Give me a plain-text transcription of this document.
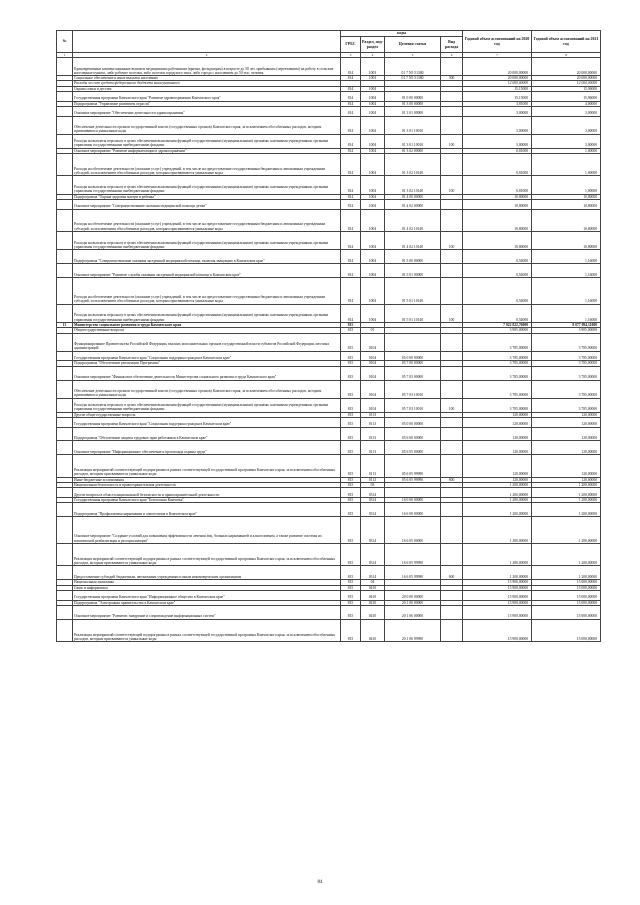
№		коды				Годовой объем ассигнований на 2020 год	Годовой объем ассигнований на 2021 год
		ГРБС	Раздел, под-раздел	Целевая статья	Вид расхода		
1	2	3	4	5	6	7	8
	Единовременные компенсационные выплаты медицинским работникам (врачам, фельдшерам) в возрасте до 50 лет, прибывшим (переехавшим) на работу в сельские населенные пункты, либо рабочие поселки, либо поселки городского типа, либо города с населением до 50 тыс. человек	814	1003	01 7 N5 51380		20 000,00000	20 000,00000
	Социальное обеспечение и иные выплаты населению	814	1003	01 7 N5 51380	300	20 000,00000	20 000,00000
	Расходы за счет средств федерального бюджета вышеуказанного					12 000,00000	12 000,00000
	Охрана семьи и детства	814	1004			15,15000	15,96000
	Государственная программа Камчатского края "Развитие здравоохранения Камчатского края"	814	1004	01 0 00 00000		15,15000	15,96000
	Подпрограмма "Управление развитием отрасли"	814	1004	01 3 00 00000		3,81000	4,00000
	Основное мероприятие "Обеспечение деятельности здравоохранения"	814	1004	01 3 01 00000		3,00000	3,00000
	Обеспечение деятельности органов государственной власти (государственных органов) Камчатского края, за исключением обособленных расходов, которым присваиваются уникальные коды	814	1004	01 3 01 10010		3,00000	3,00000
	Расходы на выплаты персоналу в целях обеспечения выполнения функций государственными (муниципальными) органами, казенными учреждениями, органами управления государственными внебюджетными фондами	814	1004	01 3 01 10010	100	3,00000	3,00000
	Основное мероприятие "Развитие информатизации в здравоохранении"	814	1004	01 3 02 00000		0,81000	1,00000
	Расходы на обеспечение деятельности (оказание услуг) учреждений, в том числе на предоставление государственным бюджетным и автономным учреждениям субсидий, за исключением обособленных расходов, которым присваиваются уникальные коды	814	1004	01 3 02 10140		0,81000	1,00000
	Расходы на выплаты персоналу в целях обеспечения выполнения функций государственными (муниципальными) органами, казенными учреждениями, органами управления государственными внебюджетными фондами	814	1004	01 3 02 10140	100	0,81000	1,00000
	Подпрограмма "Охрана здоровья матери и ребенка"	814	1004	01 4 00 00000		10,80000	10,80000
	Основное мероприятие "Совершенствование оказания медицинской помощи детям"	814	1004	01 4 02 00000		10,80000	10,80000
	Расходы на обеспечение деятельности (оказание услуг) учреждений, в том числе на предоставление государственным бюджетным и автономным учреждениям субсидий, за исключением обособленных расходов, которым присваиваются уникальные коды	814	1004	01 4 02 10140		10,80000	10,80000
	Расходы на выплаты персоналу в целях обеспечения выполнения функций государственными (муниципальными) органами, казенными учреждениями, органами управления государственными внебюджетными фондами	814	1004	01 4 02 10140	100	10,80000	10,80000
	Подпрограмма "Совершенствование оказания экстренной медицинской помощи, включая эвакуацию в Камчатском крае"	814	1004	01 5 00 00000		0,54000	1,16000
	Основное мероприятие "Развитие службы оказания экстренной медицинской помощи в Камчатском крае"	814	1004	01 5 01 00000		0,54000	1,16000
	Расходы на обеспечение деятельности (оказание услуг) учреждений, в том числе на предоставление государственным бюджетным и автономным учреждениям субсидий, за исключением обособленных расходов, которым присваиваются уникальные коды	814	1004	01 5 01 10140		0,54000	1,16000
	Расходы на выплаты персоналу в целях обеспечения выполнения функций государственными (муниципальными) органами, казенными учреждениями, органами управления государственными внебюджетными фондами	814	1004	01 5 01 10140	100	0,54000	1,16000
13	Министерство социального развития и труда Камчатского края	815				7 922 822,76000	8 077 094,11000
	Общегосударственные вопросы	815	01			3 905,00000	3 905,00000
	Функционирование Правительства Российской Федерации, высших исполнительных органов государственной власти субъектов Российской Федерации, местных администраций	815	0104			3 785,00000	3 785,00000
	Государственная программа Камчатского края "Социальная поддержка граждан в Камчатском крае"	815	0104	05 0 00 00000		3 785,00000	3 785,00000
	Подпрограмма "Обеспечение реализации Программы"	815	0104	05 7 00 00000		3 785,00000	3 785,00000
	Основное мероприятие "Финансовое обеспечение деятельности Министерства социального развития и труда Камчатского края"	815	0104	05 7 03 00000		3 785,00000	3 785,00000
	Обеспечение деятельности органов государственной власти (государственных органов) Камчатского края, за исключением обособленных расходов, которым присваиваются уникальные коды	815	0104	05 7 03 10010		3 785,00000	3 785,00000
	Расходы на выплаты персоналу в целях обеспечения выполнения функций государственными (муниципальными) органами, казенными учреждениями, органами управления государственными внебюджетными фондами	815	0104	05 7 03 10010	100	3 785,00000	3 785,00000
	Другие общегосударственные вопросы	815	0113			120,00000	120,00000
	Государственная программа Камчатского края "Социальная поддержка граждан в Камчатском крае"	815	0113	05 0 00 00000		120,00000	120,00000
	Подпрограмма "Обеспечение защиты трудовых прав работников в Камчатском крае"	815	0113	05 6 00 00000		120,00000	120,00000
	Основное мероприятие "Информационное обеспечение и пропаганда охраны труда"	815	0113	05 6 05 00000		120,00000	120,00000
	Реализация мероприятий соответствующей подпрограммы в рамках соответствующей государственной программы Камчатского края, за исключением обособленных расходов, которым присваиваются уникальные коды	815	0113	05 6 05 99990		120,00000	120,00000
	Иные бюджетные ассигнования	815	0113	05 6 05 99990	800	120,00000	120,00000
	Национальная безопасность и правоохранительная деятельность	815	03			1 200,00000	1 200,00000
	Другие вопросы в области национальной безопасности и правоохранительной деятельности	815	0314			1 200,00000	1 200,00000
	Государственная программа Камчатского края "Безопасная Камчатка"	815	0314	16 0 00 00000		1 200,00000	1 200,00000
	Подпрограмма "Профилактика наркомании и алкоголизма в Камчатском крае"	815	0314	16 6 00 00000		1 200,00000	1 200,00000
	Основное мероприятие "Создание условий для повышения эффективности лечения лиц, больных наркоманией и алкоголизмом, а также развитие системы их комплексной реабилитации и ресоциализации"	815	0314	16 6 05 00000		1 200,00000	1 200,00000
	Реализация мероприятий соответствующей подпрограммы в рамках соответствующей государственной программы Камчатского края, за исключением обособленных расходов, которым присваиваются уникальные коды	815	0314	16 6 05 99990		1 200,00000	1 200,00000
	Предоставление субсидий бюджетным, автономным учреждениям и иным некоммерческим организациям	815	0314	16 6 05 99990	600	1 200,00000	1 200,00000
	Национальная экономика	815	04			15 900,00000	15 000,00000
	Связь и информатика	815	0410			15 900,00000	15 000,00000
	Государственная программа Камчатского края "Информационное общество в Камчатском крае"	815	0410	20 0 00 00000		15 900,00000	15 000,00000
	Подпрограмма "Электронная правительство в Камчатском крае"	815	0410	20 1 00 00000		15 900,00000	15 000,00000
	Основное мероприятие "Развитие, внедрение и сопровождение информационных систем"	815	0410	20 1 06 00000		15 900,00000	15 000,00000
	Реализация мероприятий соответствующей подпрограммы в рамках соответствующей государственной программы Камчатского края, за исключением обособленных расходов, которым присваиваются уникальные коды	815	0410	20 1 06 99990		15 900,00000	15 000,00000
84
